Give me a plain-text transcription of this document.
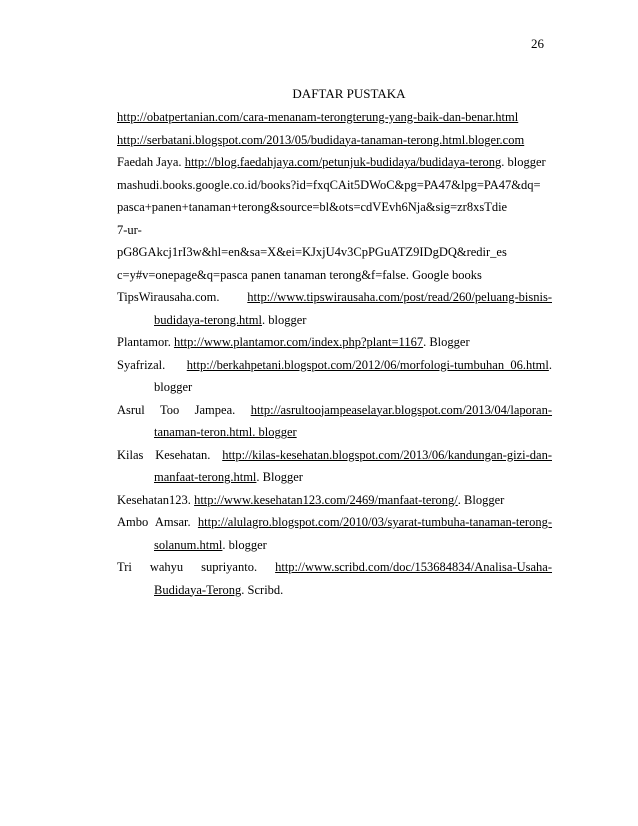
26
DAFTAR PUSTAKA
http://obatpertanian.com/cara-menanam-terongterung-yang-baik-dan-benar.html
http://serbatani.blogspot.com/2013/05/budidaya-tanaman-terong.html.bloger.com
Faedah Jaya. http://blog.faedahjaya.com/petunjuk-budidaya/budidaya-terong. blogger
mashudi.books.google.co.id/books?id=fxqCAit5DWoC&pg=PA47&lpg=PA47&dq=
pasca+panen+tanaman+terong&source=bl&ots=cdVEvh6Nja&sig=zr8xsTdie
7-ur-
pG8GAkcj1rI3w&hl=en&sa=X&ei=KJxjU4v3CpPGuATZ9IDgDQ&redir_es
c=y#v=onepage&q=pasca panen tanaman terong&f=false. Google books
TipsWirausaha.com. http://www.tipswirausaha.com/post/read/260/peluang-bisnis-
budidaya-terong.html. blogger
Plantamor. http://www.plantamor.com/index.php?plant=1167. Blogger
Syafrizal. http://berkahpetani.blogspot.com/2012/06/morfologi-tumbuhan_06.html.
blogger
Asrul Too Jampea. http://asrultoojampeaselayar.blogspot.com/2013/04/laporan-
tanaman-teron.html. blogger
Kilas Kesehatan. http://kilas-kesehatan.blogspot.com/2013/06/kandungan-gizi-dan-
manfaat-terong.html. Blogger
Kesehatan123. http://www.kesehatan123.com/2469/manfaat-terong/. Blogger
Ambo Amsar. http://alulagro.blogspot.com/2010/03/syarat-tumbuha-tanaman-terong-
solanum.html. blogger
Tri wahyu supriyanto. http://www.scribd.com/doc/153684834/Analisa-Usaha-
Budidaya-Terong. Scribd.
